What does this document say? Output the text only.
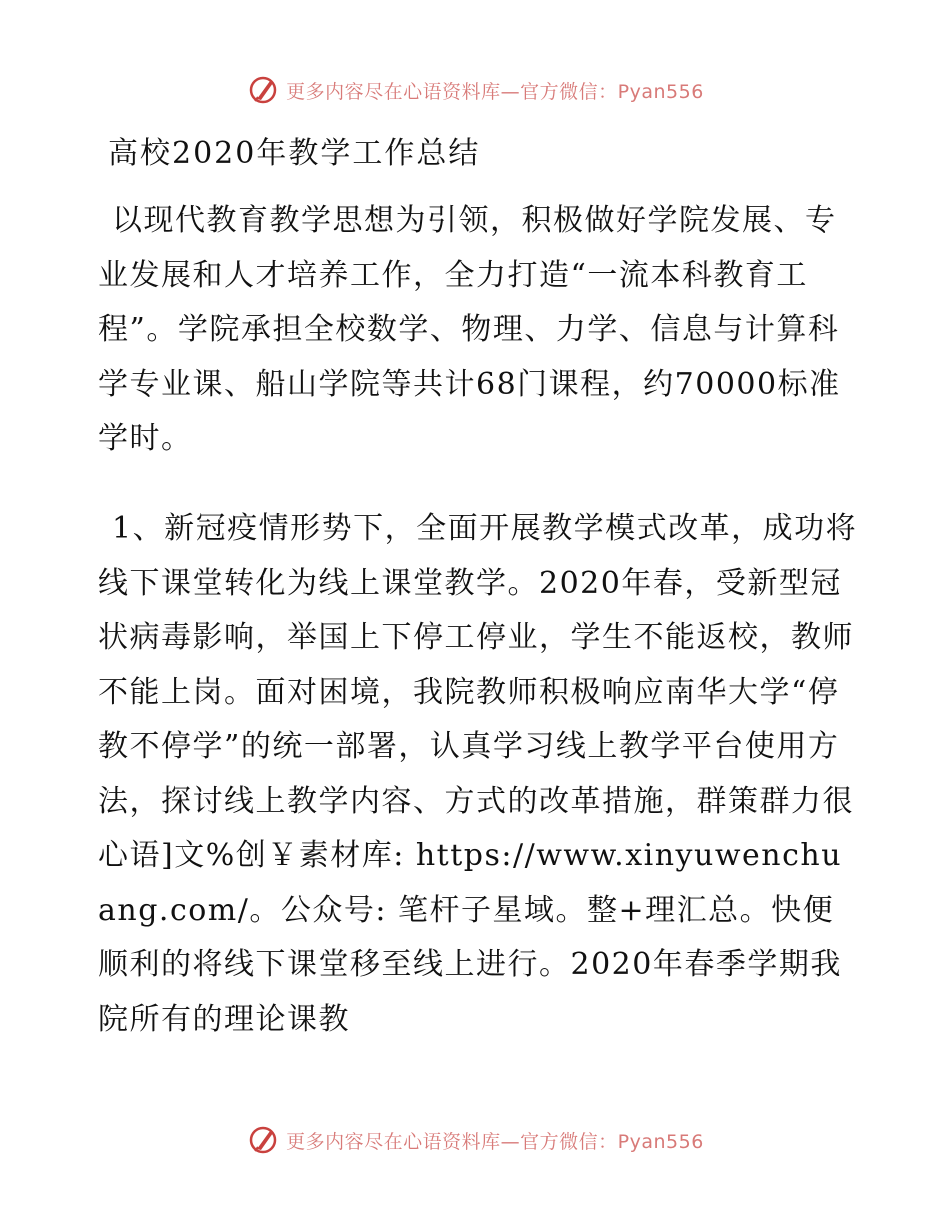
更多内容尽在心语资料库—官方微信：Pyan556
高校2020年教学工作总结

以现代教育教学思想为引领，积极做好学院发展、专业发展和人才培养工作，全力打造“一流本科教育工程”。学院承担全校数学、物理、力学、信息与计算科学专业课、船山学院等共计68门课程，约70000标准学时。

1、新冠疫情形势下，全面开展教学模式改革，成功将线下课堂转化为线上课堂教学。2020年春，受新型冠状病毒影响，举国上下停工停业，学生不能返校，教师不能上岗。面对困境，我院教师积极响应南华大学“停教不停学”的统一部署，认真学习线上教学平台使用方法，探讨线上教学内容、方式的改革措施，群策群力很心语]文%创￥素材库: https://www.xinyuwenchuang.com/。公众号: 笔杆子星域。整+理汇总。快便顺利的将线下课堂移至线上进行。2020年春季学期我院所有的理论课教

更多内容尽在心语资料库—官方微信：Pyan556
